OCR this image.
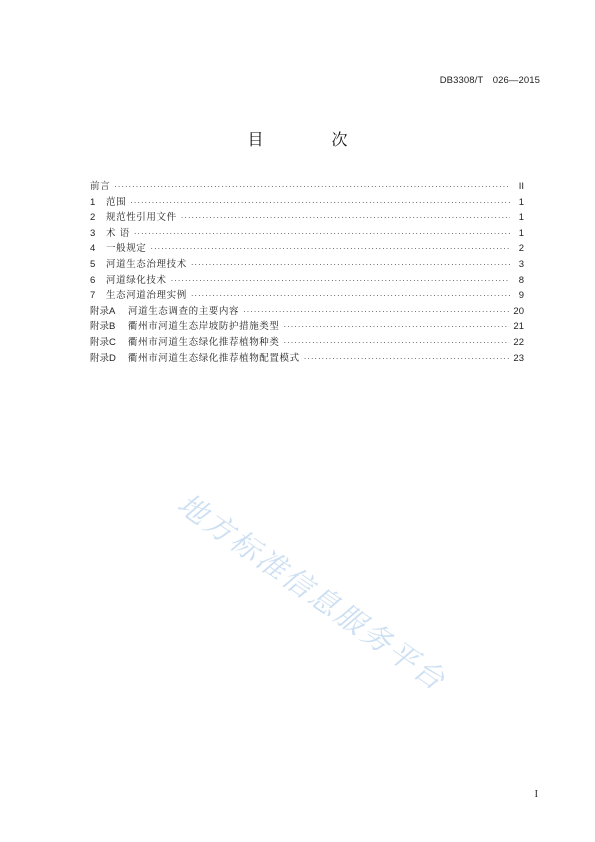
DB3308/T　026—2015
目　次
前言 ·····	II
1	范围 ·····	1
2	规范性引用文件 ·····	1
3	术 语 ·····	1
4	一般规定 ·····	2
5	河道生态治理技术 ·····	3
6	河道绿化技术 ·····	8
7	生态河道治理实例 ·····	9
附录A	河道生态调查的主要内容 ·····	20
附录B	衢州市河道生态岸坡防护措施类型 ·····	21
附录C	衢州市河道生态绿化推荐植物种类 ·····	22
附录D	衢州市河道生态绿化推荐植物配置模式 ·····	23
地方标准信息服务平台
I
